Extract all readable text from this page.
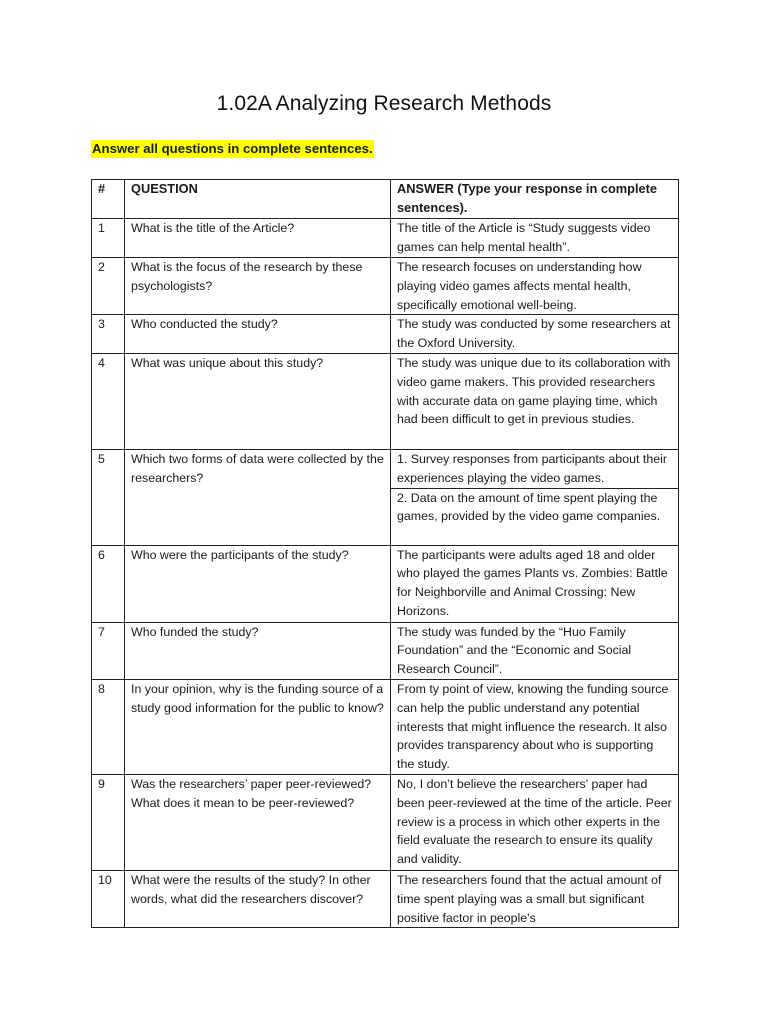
1.02A Analyzing Research Methods
Answer all questions in complete sentences.
#	QUESTION	ANSWER (Type your response in complete sentences).
1	What is the title of the Article?	The title of the Article is “Study suggests video games can help mental health”.
2	What is the focus of the research by these psychologists?	The research focuses on understanding how playing video games affects mental health, specifically emotional well-being.
3	Who conducted the study?	The study was conducted by some researchers at the Oxford University.
4	What was unique about this study?	The study was unique due to its collaboration with video game makers. This provided researchers with accurate data on game playing time, which had been difficult to get in previous studies.
5	Which two forms of data were collected by the researchers?	1. Survey responses from participants about their experiences playing the video games.
		2. Data on the amount of time spent playing the games, provided by the video game companies.
6	Who were the participants of the study?	The participants were adults aged 18 and older who played the games Plants vs. Zombies: Battle for Neighborville and Animal Crossing: New Horizons.
7	Who funded the study?	The study was funded by the “Huo Family Foundation” and the “Economic and Social Research Council”.
8	In your opinion, why is the funding source of a study good information for the public to know?	From ty point of view, knowing the funding source can help the public understand any potential interests that might influence the research. It also provides transparency about who is supporting the study.
9	Was the researchers’ paper peer-reviewed? What does it mean to be peer-reviewed?	No, I don’t believe the researchers' paper had been peer-reviewed at the time of the article. Peer review is a process in which other experts in the field evaluate the research to ensure its quality and validity.
10	What were the results of the study? In other words, what did the researchers discover?	The researchers found that the actual amount of time spent playing was a small but significant positive factor in people's
